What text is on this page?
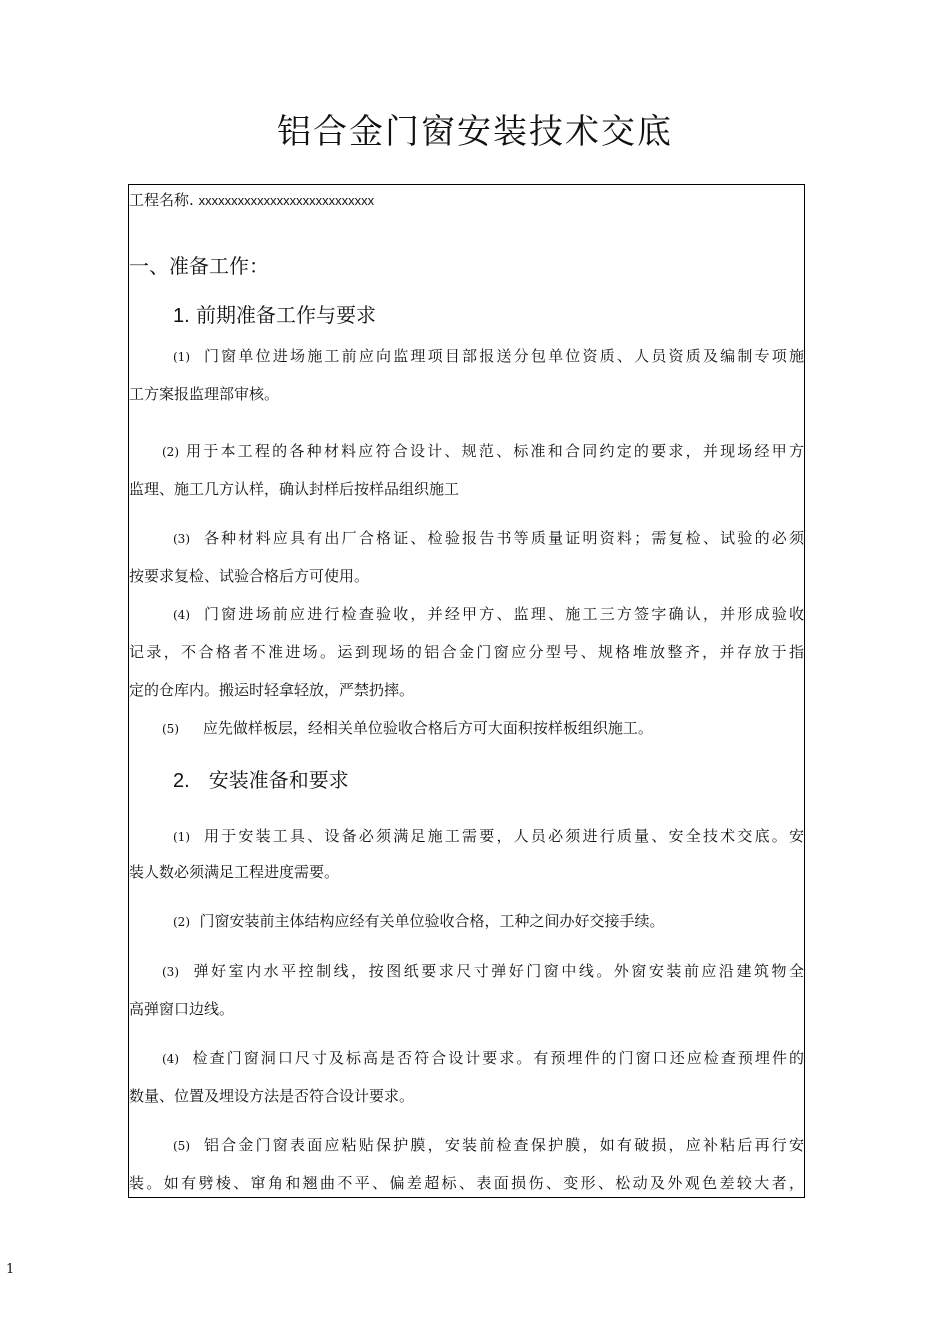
铝合金门窗安装技术交底

工程名称. xxxxxxxxxxxxxxxxxxxxxxxxxxx

一、准备工作：

1. 前期准备工作与要求

(1) 门窗单位进场施工前应向监理项目部报送分包单位资质、人员资质及编制专项施

工方案报监理部审核。

(2) 用于本工程的各种材料应符合设计、规范、标准和合同约定的要求，并现场经甲方

监理、施工几方认样，确认封样后按样品组织施工

(3) 各种材料应具有出厂合格证、检验报告书等质量证明资料；需复检、试验的必须

按要求复检、试验合格后方可使用。

(4) 门窗进场前应进行检查验收，并经甲方、监理、施工三方签字确认，并形成验收

记录，不合格者不准进场。运到现场的铝合金门窗应分型号、规格堆放整齐，并存放于指

定的仓库内。搬运时轻拿轻放，严禁扔摔。

(5) 应先做样板层，经相关单位验收合格后方可大面积按样板组织施工。

2. 安装准备和要求

(1) 用于安装工具、设备必须满足施工需要，人员必须进行质量、安全技术交底。安

装人数必须满足工程进度需要。

(2) 门窗安装前主体结构应经有关单位验收合格，工种之间办好交接手续。

(3) 弹好室内水平控制线，按图纸要求尺寸弹好门窗中线。外窗安装前应沿建筑物全

高弹窗口边线。

(4) 检查门窗洞口尺寸及标高是否符合设计要求。有预埋件的门窗口还应检查预埋件的

数量、位置及埋设方法是否符合设计要求。

(5) 铝合金门窗表面应粘贴保护膜，安装前检查保护膜，如有破损，应补粘后再行安

装。如有劈棱、窜角和翘曲不平、偏差超标、表面损伤、变形、松动及外观色差较大者，

1
